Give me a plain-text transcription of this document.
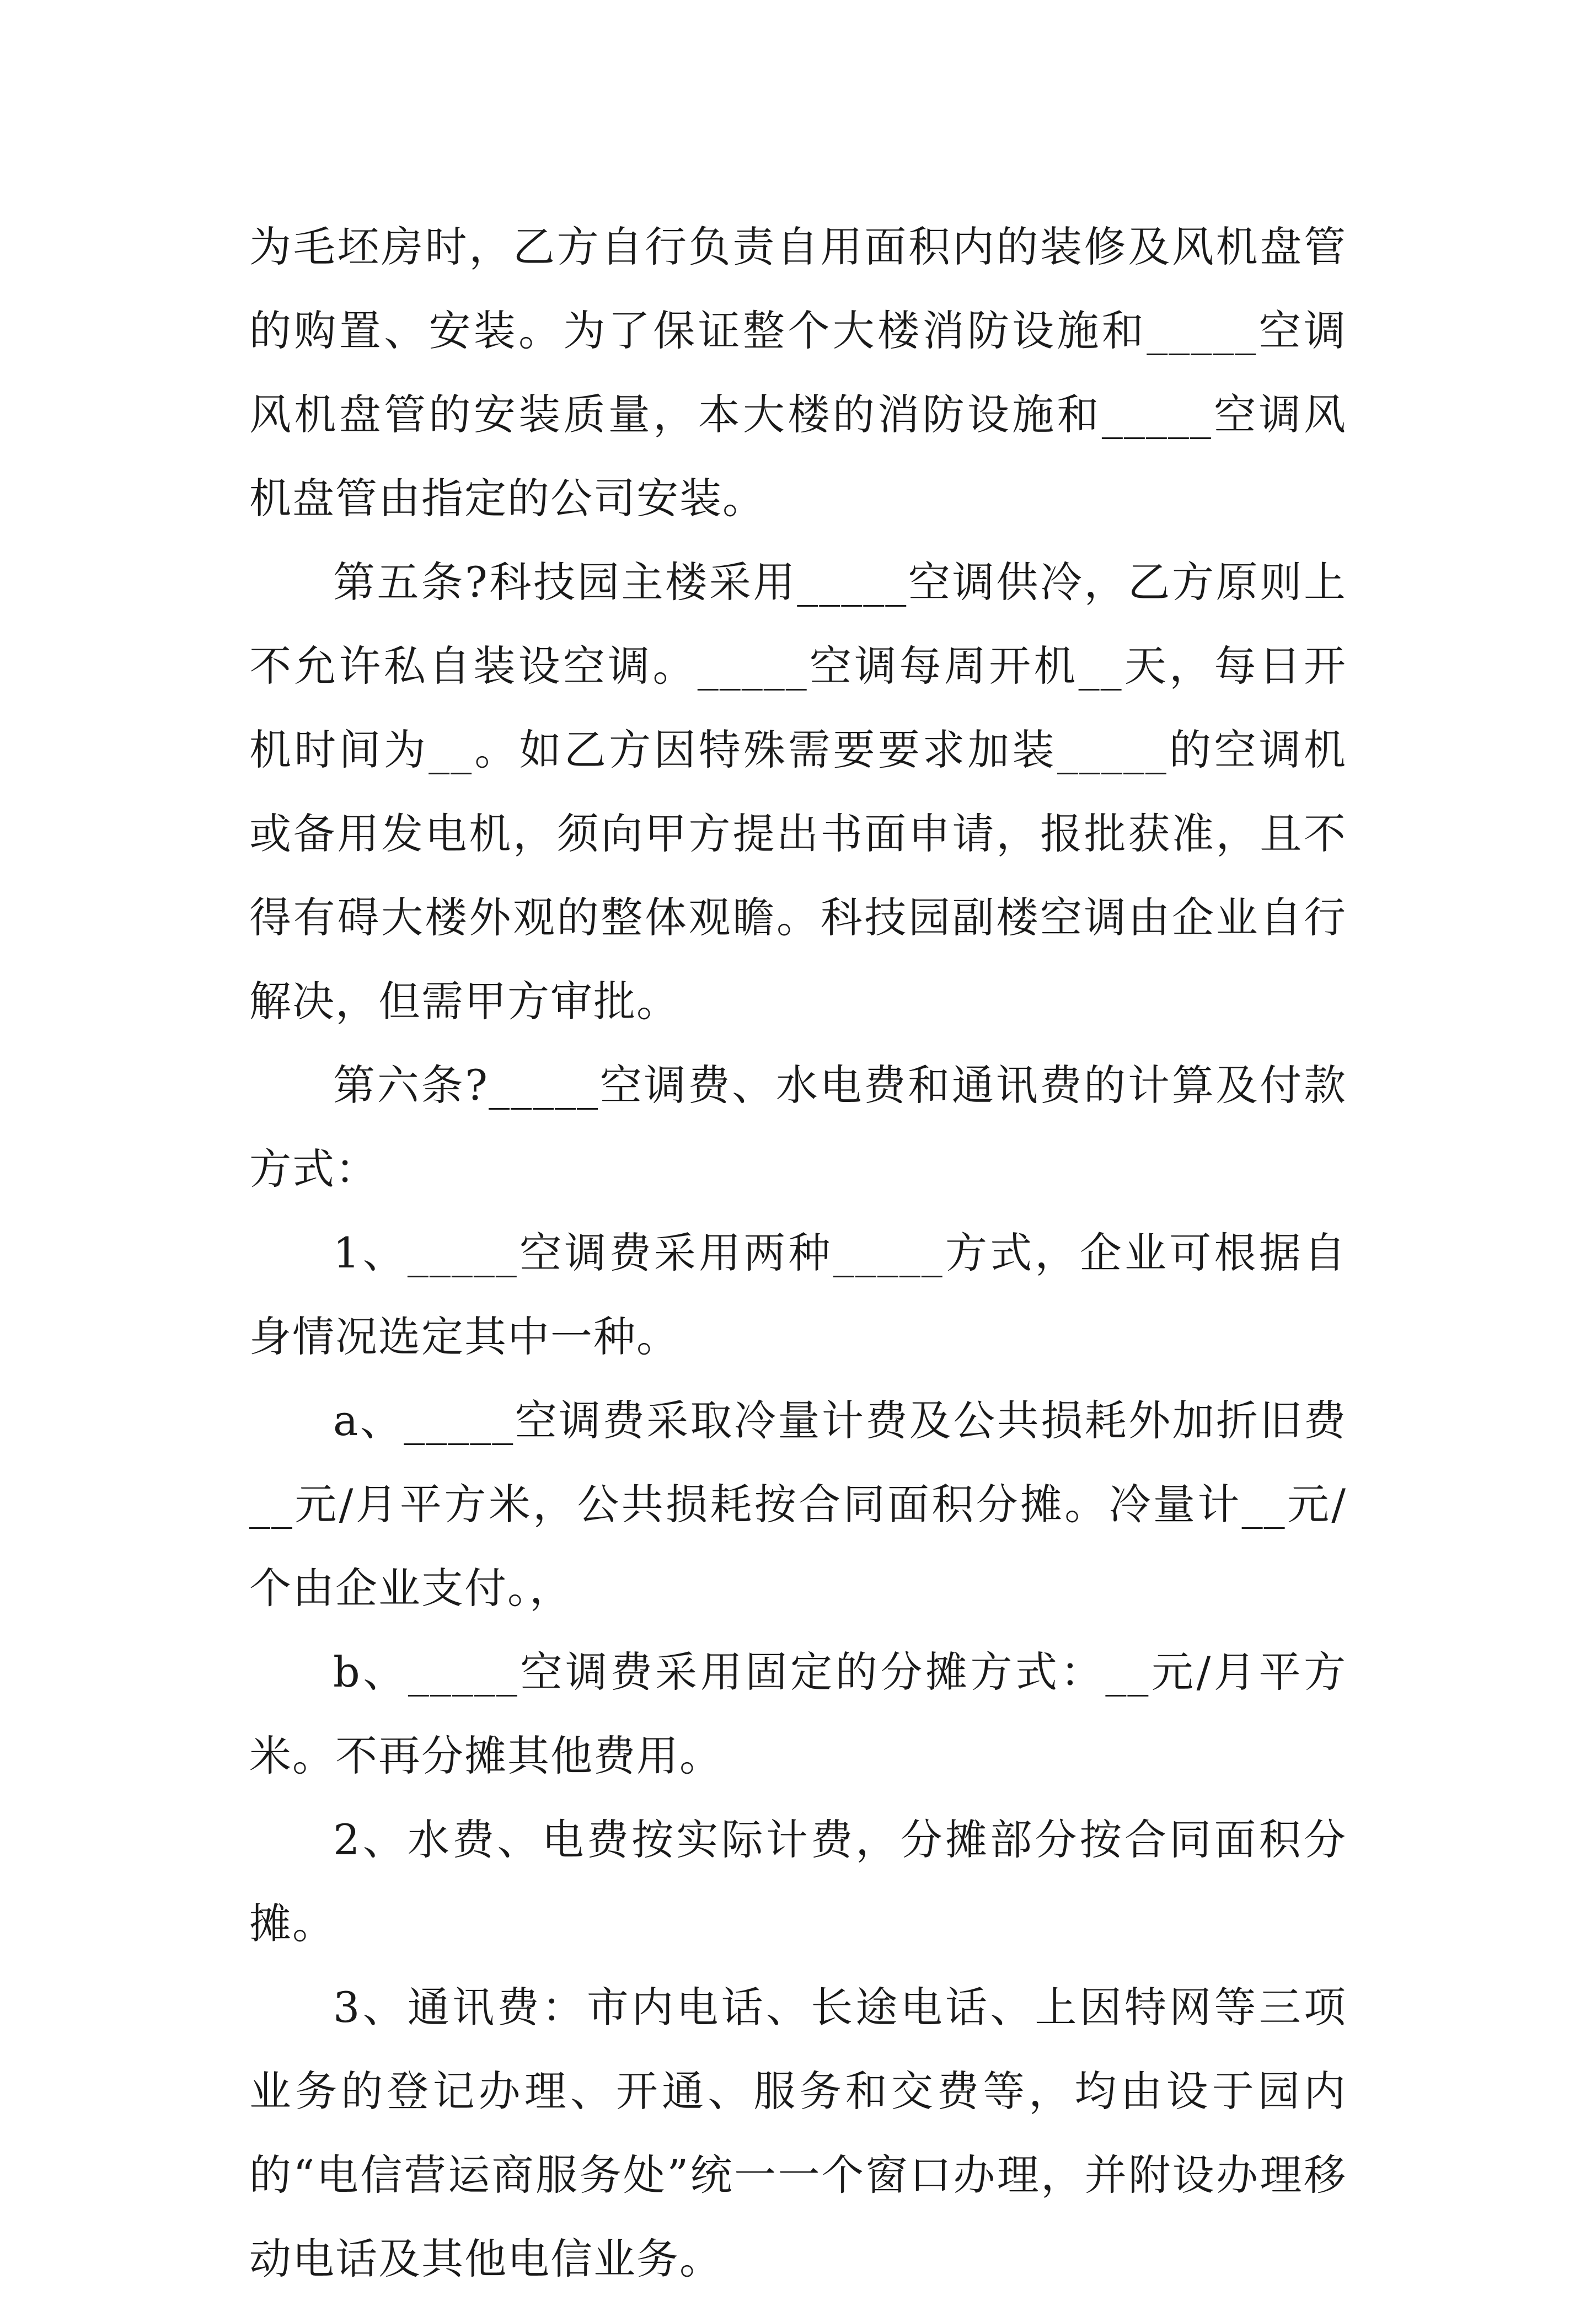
为毛坯房时，乙方自行负责自用面积内的装修及风机盘管的购置、安装。为了保证整个大楼消防设施和_____空调风机盘管的安装质量，本大楼的消防设施和_____空调风机盘管由指定的公司安装。

第五条?科技园主楼采用_____空调供冷，乙方原则上不允许私自装设空调。_____空调每周开机__天，每日开机时间为__。如乙方因特殊需要要求加装_____的空调机或备用发电机，须向甲方提出书面申请，报批获准，且不得有碍大楼外观的整体观瞻。科技园副楼空调由企业自行解决，但需甲方审批。

第六条?_____空调费、水电费和通讯费的计算及付款方式：

1、_____空调费采用两种_____方式，企业可根据自身情况选定其中一种。

a、_____空调费采取冷量计费及公共损耗外加折旧费__元/月平方米，公共损耗按合同面积分摊。冷量计__元/个由企业支付。，

b、_____空调费采用固定的分摊方式：__元/月平方米。不再分摊其他费用。

2、水费、电费按实际计费，分摊部分按合同面积分摊。

3、通讯费：市内电话、长途电话、上因特网等三项业务的登记办理、开通、服务和交费等，均由设于园内的“电信营运商服务处”统一一个窗口办理，并附设办理移动电话及其他电信业务。
